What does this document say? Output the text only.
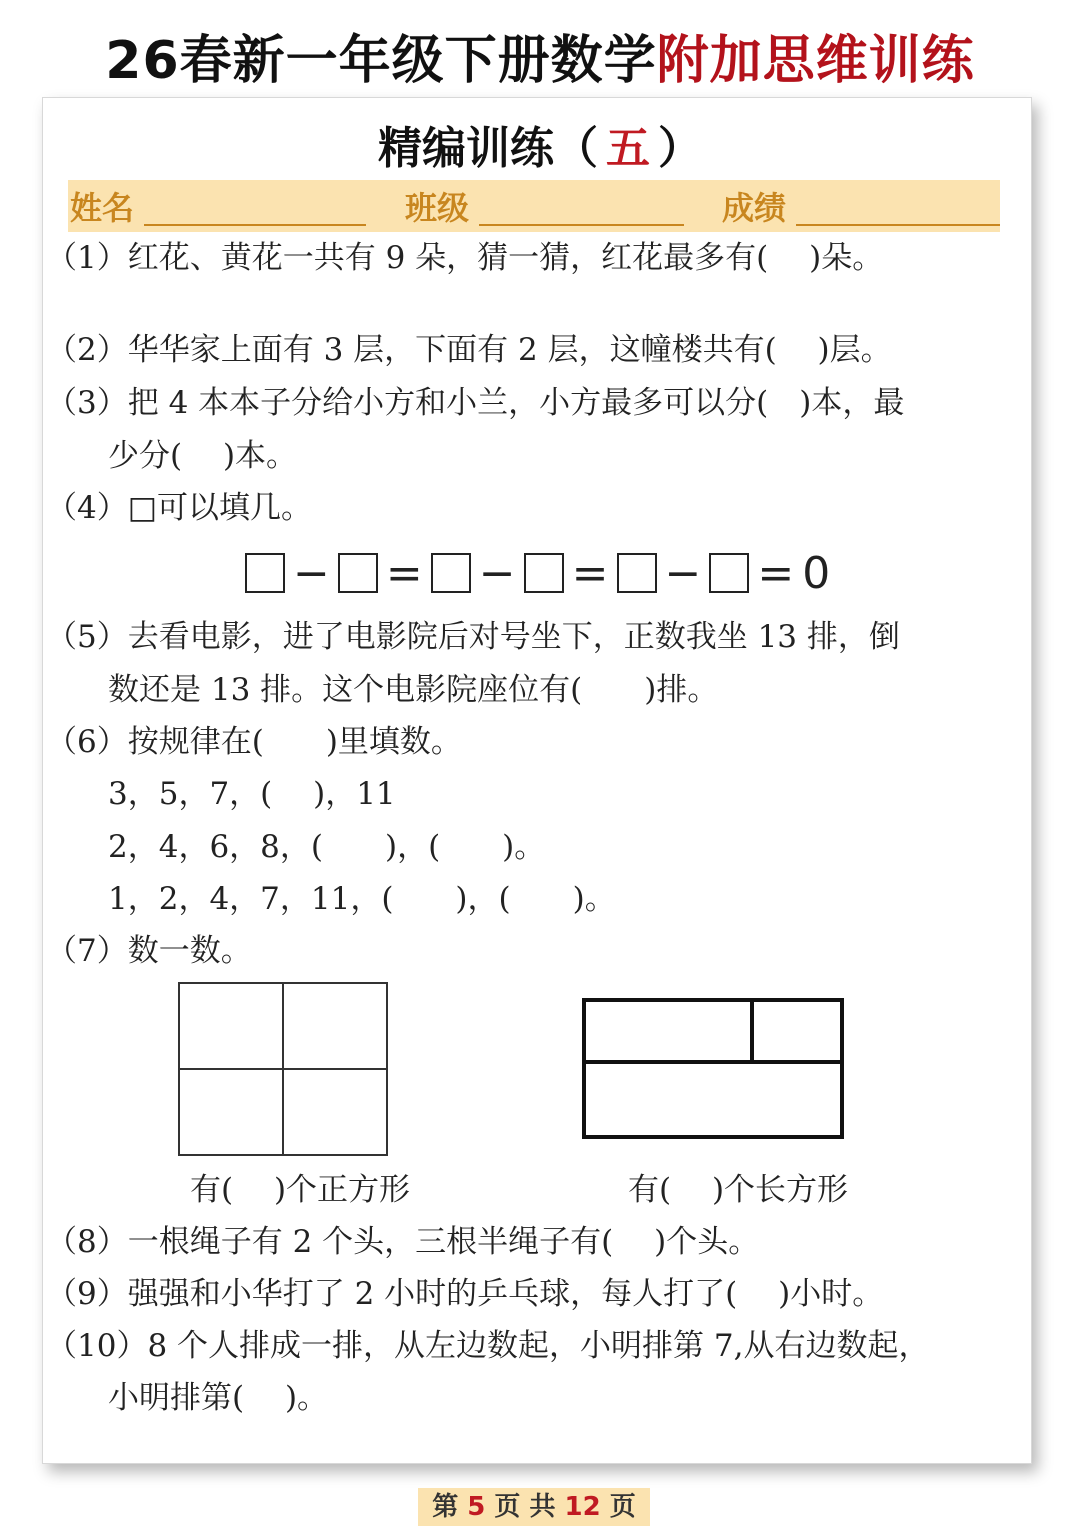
26春新一年级下册数学附加思维训练
精编训练（ 五 ）
姓名	班级	成绩
（1）红花、黄花一共有 9 朵，猜一猜，红花最多有(　 )朵。
（2）华华家上面有 3 层，下面有 2 层，这幢楼共有(　 )层。
（3）把 4 本本子分给小方和小兰，小方最多可以分(　)本，最
少分(　 )本。
（4）□可以填几。
− = − = − = 0
（5）去看电影，进了电影院后对号坐下，正数我坐 13 排，倒
数还是 13 排。这个电影院座位有(　　)排。
（6）按规律在(　　)里填数。
3，5，7，(　 )，11
2，4，6，8，(　　)，(　　)。
1，2，4，7，11，(　　)，(　　)。
（7）数一数。
有(　 )个正方形	有(　 )个长方形
（8）一根绳子有 2 个头，三根半绳子有(　 )个头。
（9）强强和小华打了 2 小时的乒乓球，每人打了(　 )小时。
（10）8 个人排成一排，从左边数起，小明排第 7,从右边数起，
小明排第(　 )。
第 5 页 共 12 页
